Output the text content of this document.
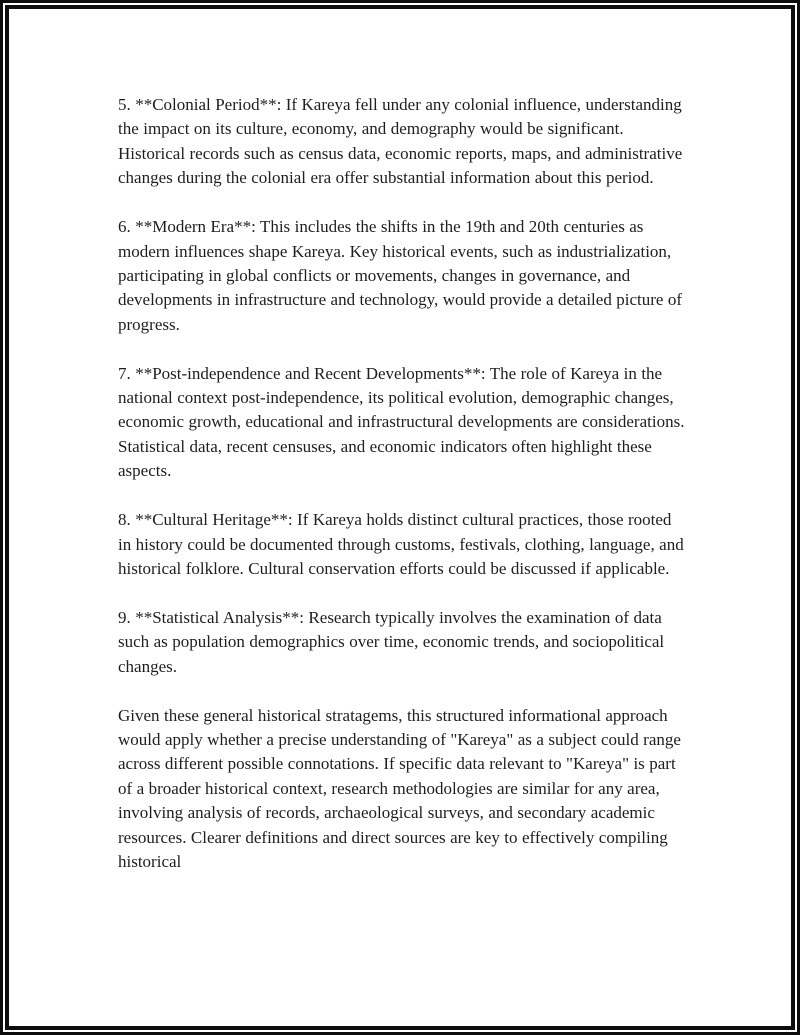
5. **Colonial Period**: If Kareya fell under any colonial influence, understanding the impact on its culture, economy, and demography would be significant. Historical records such as census data, economic reports, maps, and administrative changes during the colonial era offer substantial information about this period.

6. **Modern Era**: This includes the shifts in the 19th and 20th centuries as modern influences shape Kareya. Key historical events, such as industrialization, participating in global conflicts or movements, changes in governance, and developments in infrastructure and technology, would provide a detailed picture of progress.

7. **Post-independence and Recent Developments**: The role of Kareya in the national context post-independence, its political evolution, demographic changes, economic growth, educational and infrastructural developments are considerations. Statistical data, recent censuses, and economic indicators often highlight these aspects.

8. **Cultural Heritage**: If Kareya holds distinct cultural practices, those rooted in history could be documented through customs, festivals, clothing, language, and historical folklore. Cultural conservation efforts could be discussed if applicable.

9. **Statistical Analysis**: Research typically involves the examination of data such as population demographics over time, economic trends, and sociopolitical changes.

Given these general historical stratagems, this structured informational approach would apply whether a precise understanding of "Kareya" as a subject could range across different possible connotations. If specific data relevant to "Kareya" is part of a broader historical context, research methodologies are similar for any area, involving analysis of records, archaeological surveys, and secondary academic resources. Clearer definitions and direct sources are key to effectively compiling historical
